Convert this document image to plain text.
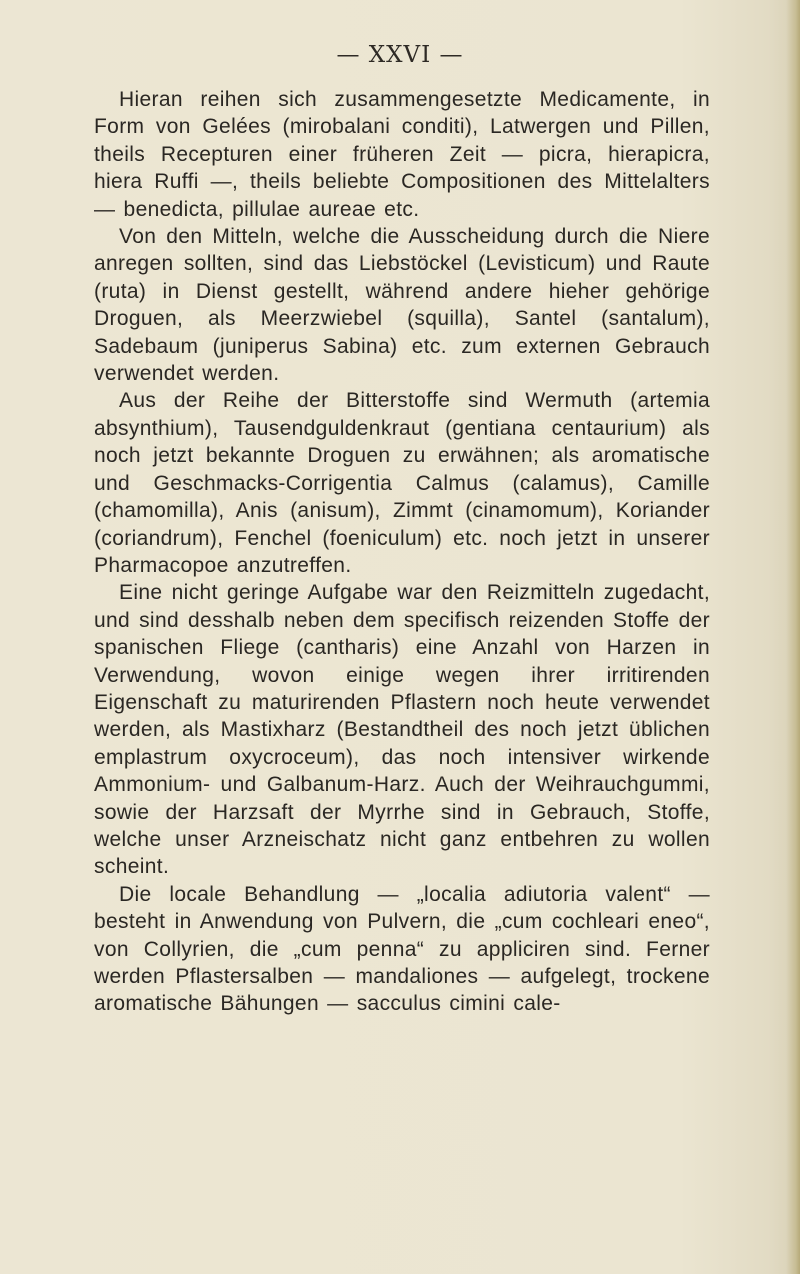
— XXVI —

Hieran reihen sich zusammengesetzte Medicamente, in Form von Gelées (mirobalani conditi), Latwergen und Pillen, theils Recepturen einer früheren Zeit — picra, hierapicra, hiera Ruffi —, theils beliebte Compositionen des Mittelalters — benedicta, pillulae aureae etc.

Von den Mitteln, welche die Ausscheidung durch die Niere anregen sollten, sind das Liebstöckel (Levisticum) und Raute (ruta) in Dienst gestellt, während andere hieher gehörige Droguen, als Meerzwiebel (squilla), Santel (santalum), Sadebaum (juniperus Sabina) etc. zum externen Gebrauch verwendet werden.

Aus der Reihe der Bitterstoffe sind Wermuth (artemia absynthium), Tausendguldenkraut (gentiana centaurium) als noch jetzt bekannte Droguen zu erwähnen; als aromatische und Geschmacks-Corrigentia Calmus (calamus), Camille (chamomilla), Anis (anisum), Zimmt (cinamomum), Koriander (coriandrum), Fenchel (foeniculum) etc. noch jetzt in unserer Pharmacopoe anzutreffen.

Eine nicht geringe Aufgabe war den Reizmitteln zugedacht, und sind desshalb neben dem specifisch reizenden Stoffe der spanischen Fliege (cantharis) eine Anzahl von Harzen in Verwendung, wovon einige wegen ihrer irritirenden Eigenschaft zu maturirenden Pflastern noch heute verwendet werden, als Mastixharz (Bestandtheil des noch jetzt üblichen emplastrum oxycroceum), das noch intensiver wirkende Ammonium- und Galbanum-Harz. Auch der Weihrauchgummi, sowie der Harzsaft der Myrrhe sind in Gebrauch, Stoffe, welche unser Arzneischatz nicht ganz entbehren zu wollen scheint.

Die locale Behandlung — „localia adiutoria valent“ — besteht in Anwendung von Pulvern, die „cum cochleari eneo“, von Collyrien, die „cum penna“ zu appliciren sind. Ferner werden Pflastersalben — mandaliones — aufgelegt, trockene aromatische Bähungen — sacculus cimini cale-
